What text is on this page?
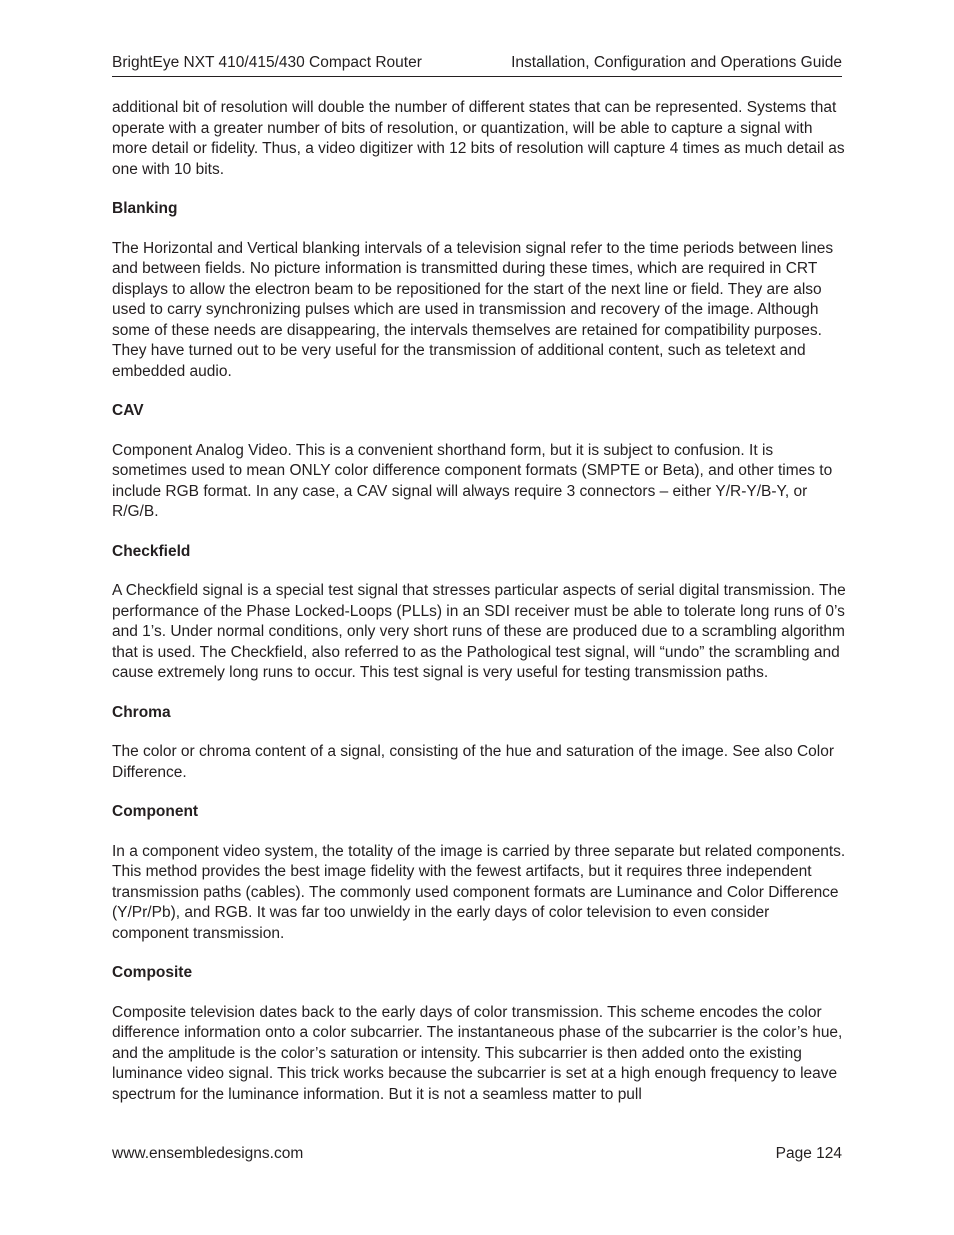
BrightEye NXT 410/415/430 Compact Router	Installation, Configuration and Operations Guide

additional bit of resolution will double the number of different states that can be represented. Systems that operate with a greater number of bits of resolution, or quantization, will be able to capture a signal with more detail or fidelity. Thus, a video digitizer with 12 bits of resolution will capture 4 times as much detail as one with 10 bits.

Blanking

The Horizontal and Vertical blanking intervals of a television signal refer to the time periods between lines and between fields. No picture information is transmitted during these times, which are required in CRT displays to allow the electron beam to be repositioned for the start of the next line or field. They are also used to carry synchronizing pulses which are used in transmission and recovery of the image. Although some of these needs are disappearing, the intervals themselves are retained for compatibility purposes. They have turned out to be very useful for the transmission of additional content, such as teletext and embedded audio.

CAV

Component Analog Video. This is a convenient shorthand form, but it is subject to confusion. It is sometimes used to mean ONLY color difference component formats (SMPTE or Beta), and other times to include RGB format. In any case, a CAV signal will always require 3 connectors – either Y/R-Y/B-Y, or R/G/B.

Checkfield

A Checkfield signal is a special test signal that stresses particular aspects of serial digital transmission. The performance of the Phase Locked-Loops (PLLs) in an SDI receiver must be able to tolerate long runs of 0’s and 1’s. Under normal conditions, only very short runs of these are produced due to a scrambling algorithm that is used. The Checkfield, also referred to as the Pathological test signal, will “undo” the scrambling and cause extremely long runs to occur. This test signal is very useful for testing transmission paths.

Chroma

The color or chroma content of a signal, consisting of the hue and saturation of the image. See also Color Difference.

Component

In a component video system, the totality of the image is carried by three separate but related components. This method provides the best image fidelity with the fewest artifacts, but it requires three independent transmission paths (cables). The commonly used component formats are Luminance and Color Difference (Y/Pr/Pb), and RGB. It was far too unwieldy in the early days of color television to even consider component transmission.

Composite

Composite television dates back to the early days of color transmission. This scheme encodes the color difference information onto a color subcarrier. The instantaneous phase of the subcarrier is the color’s hue, and the amplitude is the color’s saturation or intensity. This subcarrier is then added onto the existing luminance video signal. This trick works because the subcarrier is set at a high enough frequency to leave spectrum for the luminance information. But it is not a seamless matter to pull

www.ensembledesigns.com	Page 124
